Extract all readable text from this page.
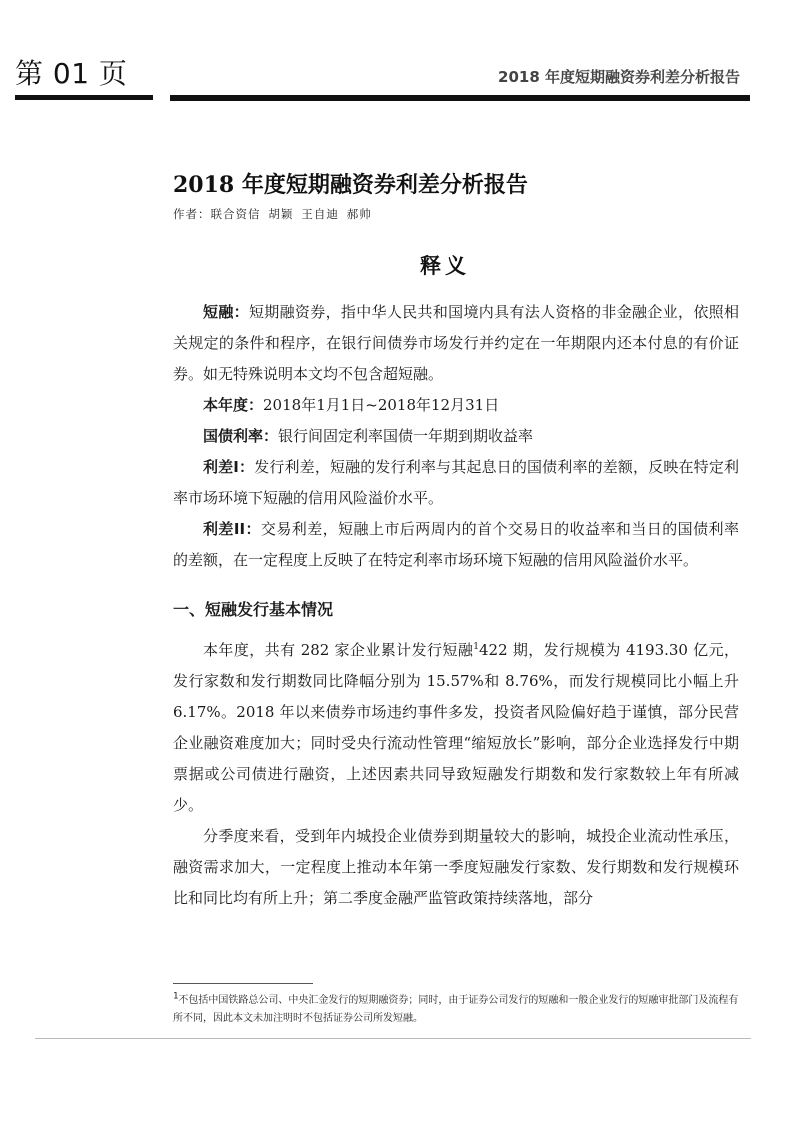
第 01 页	2018 年度短期融资券利差分析报告
2018 年度短期融资券利差分析报告
作者：联合资信 胡颖 王自迪 郝帅
释义

短融：短期融资券，指中华人民共和国境内具有法人资格的非金融企业，依照相关规定的条件和程序，在银行间债券市场发行并约定在一年期限内还本付息的有价证券。如无特殊说明本文均不包含超短融。

本年度：2018年1月1日~2018年12月31日

国债利率：银行间固定利率国债一年期到期收益率

利差I：发行利差，短融的发行利率与其起息日的国债利率的差额，反映在特定利率市场环境下短融的信用风险溢价水平。

利差II：交易利差，短融上市后两周内的首个交易日的收益率和当日的国债利率的差额，在一定程度上反映了在特定利率市场环境下短融的信用风险溢价水平。

一、短融发行基本情况

本年度，共有 282 家企业累计发行短融$^1$422 期，发行规模为 4193.30 亿元，发行家数和发行期数同比降幅分别为 15.57%和 8.76%，而发行规模同比小幅上升 6.17%。2018 年以来债券市场违约事件多发，投资者风险偏好趋于谨慎，部分民营企业融资难度加大；同时受央行流动性管理“缩短放长”影响，部分企业选择发行中期票据或公司债进行融资，上述因素共同导致短融发行期数和发行家数较上年有所减少。

分季度来看，受到年内城投企业债券到期量较大的影响，城投企业流动性承压，融资需求加大，一定程度上推动本年第一季度短融发行家数、发行期数和发行规模环比和同比均有所上升；第二季度金融严监管政策持续落地，部分

$^1$不包括中国铁路总公司、中央汇金发行的短期融资券；同时，由于证券公司发行的短融和一般企业发行的短融审批部门及流程有所不同，因此本文未加注明时不包括证券公司所发短融。
